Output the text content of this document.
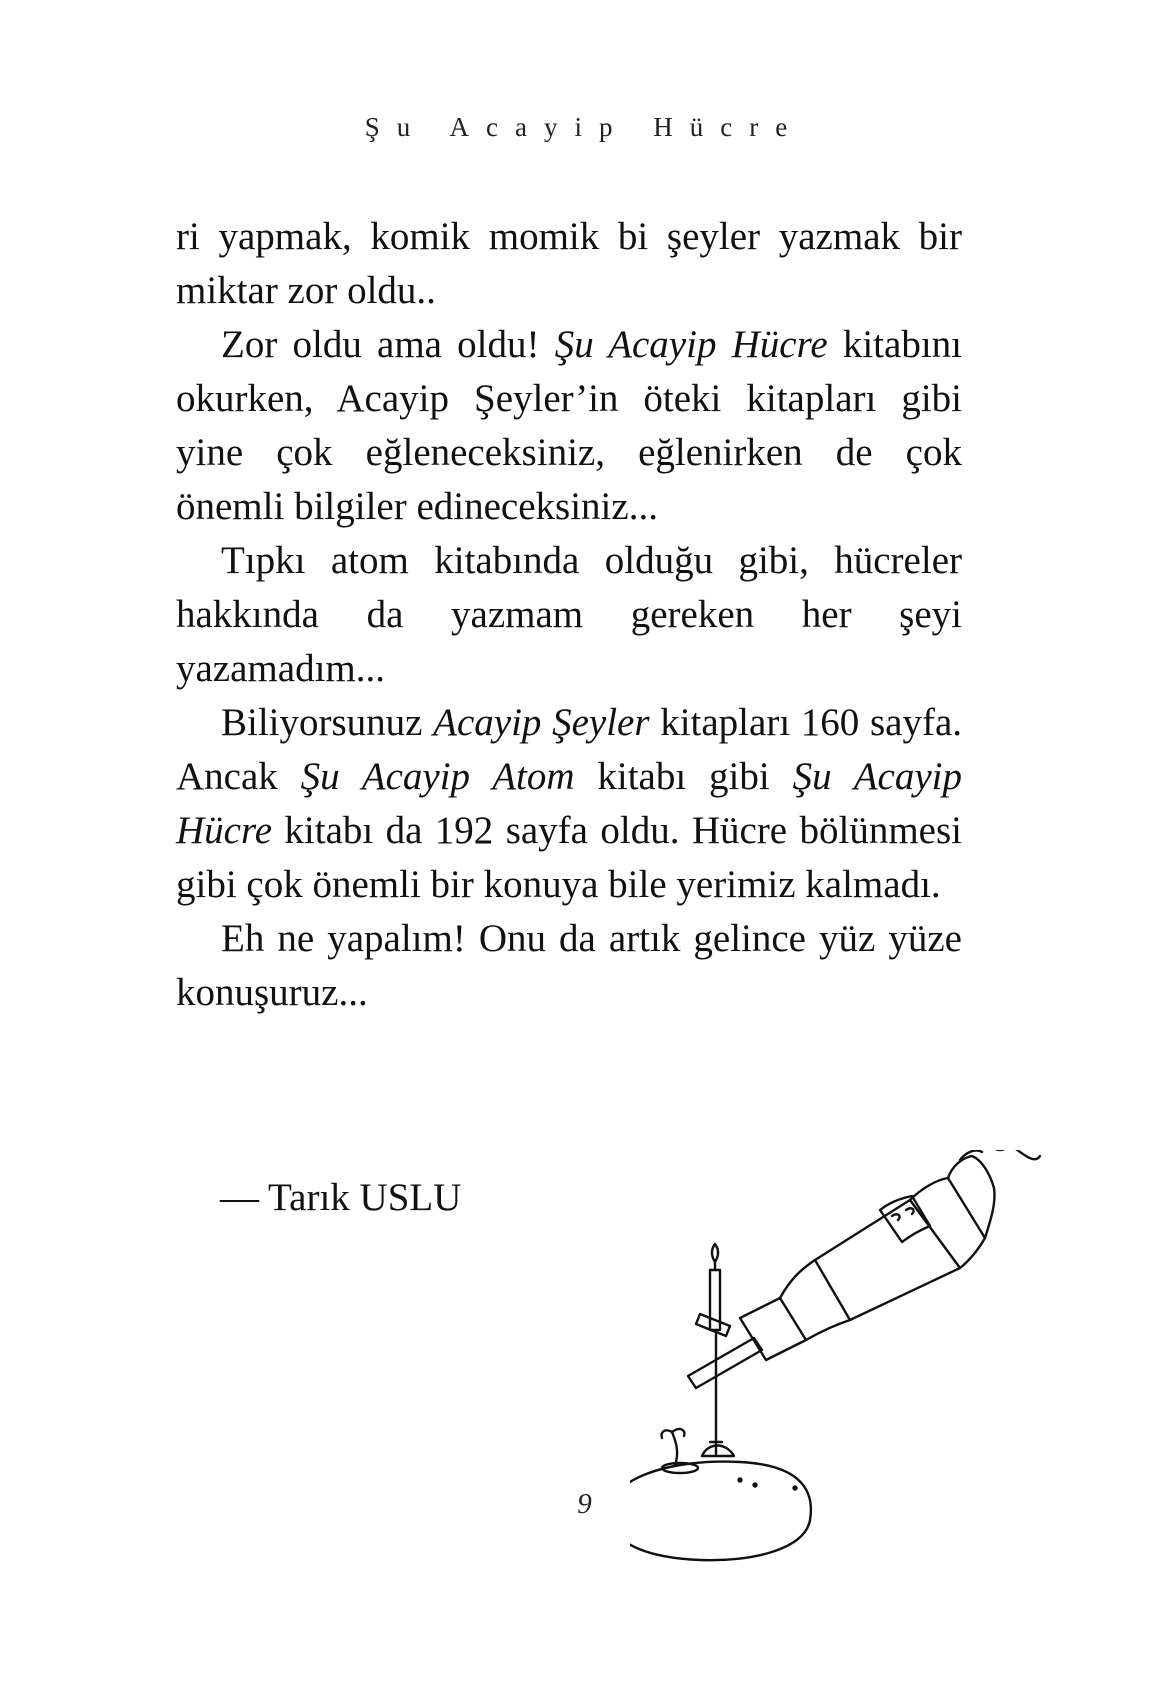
Şu Acayip Hücre

ri yapmak, komik momik bi şeyler yazmak bir miktar zor oldu..

Zor oldu ama oldu! Şu Acayip Hücre kitabını okurken, Acayip Şeyler’in öteki kitapları gibi yine çok eğleneceksiniz, eğlenirken de çok önemli bilgiler edineceksiniz...

Tıpkı atom kitabında olduğu gibi, hücreler hakkında da yazmam gereken her şeyi yazamadım...

Biliyorsunuz Acayip Şeyler kitapları 160 sayfa. Ancak Şu Acayip Atom kitabı gibi Şu Acayip Hücre kitabı da 192 sayfa oldu. Hücre bölünmesi gibi çok önemli bir konuya bile yerimiz kalmadı.

Eh ne yapalım! Onu da artık gelince yüz yüze konuşuruz...

— Tarık USLU
9
